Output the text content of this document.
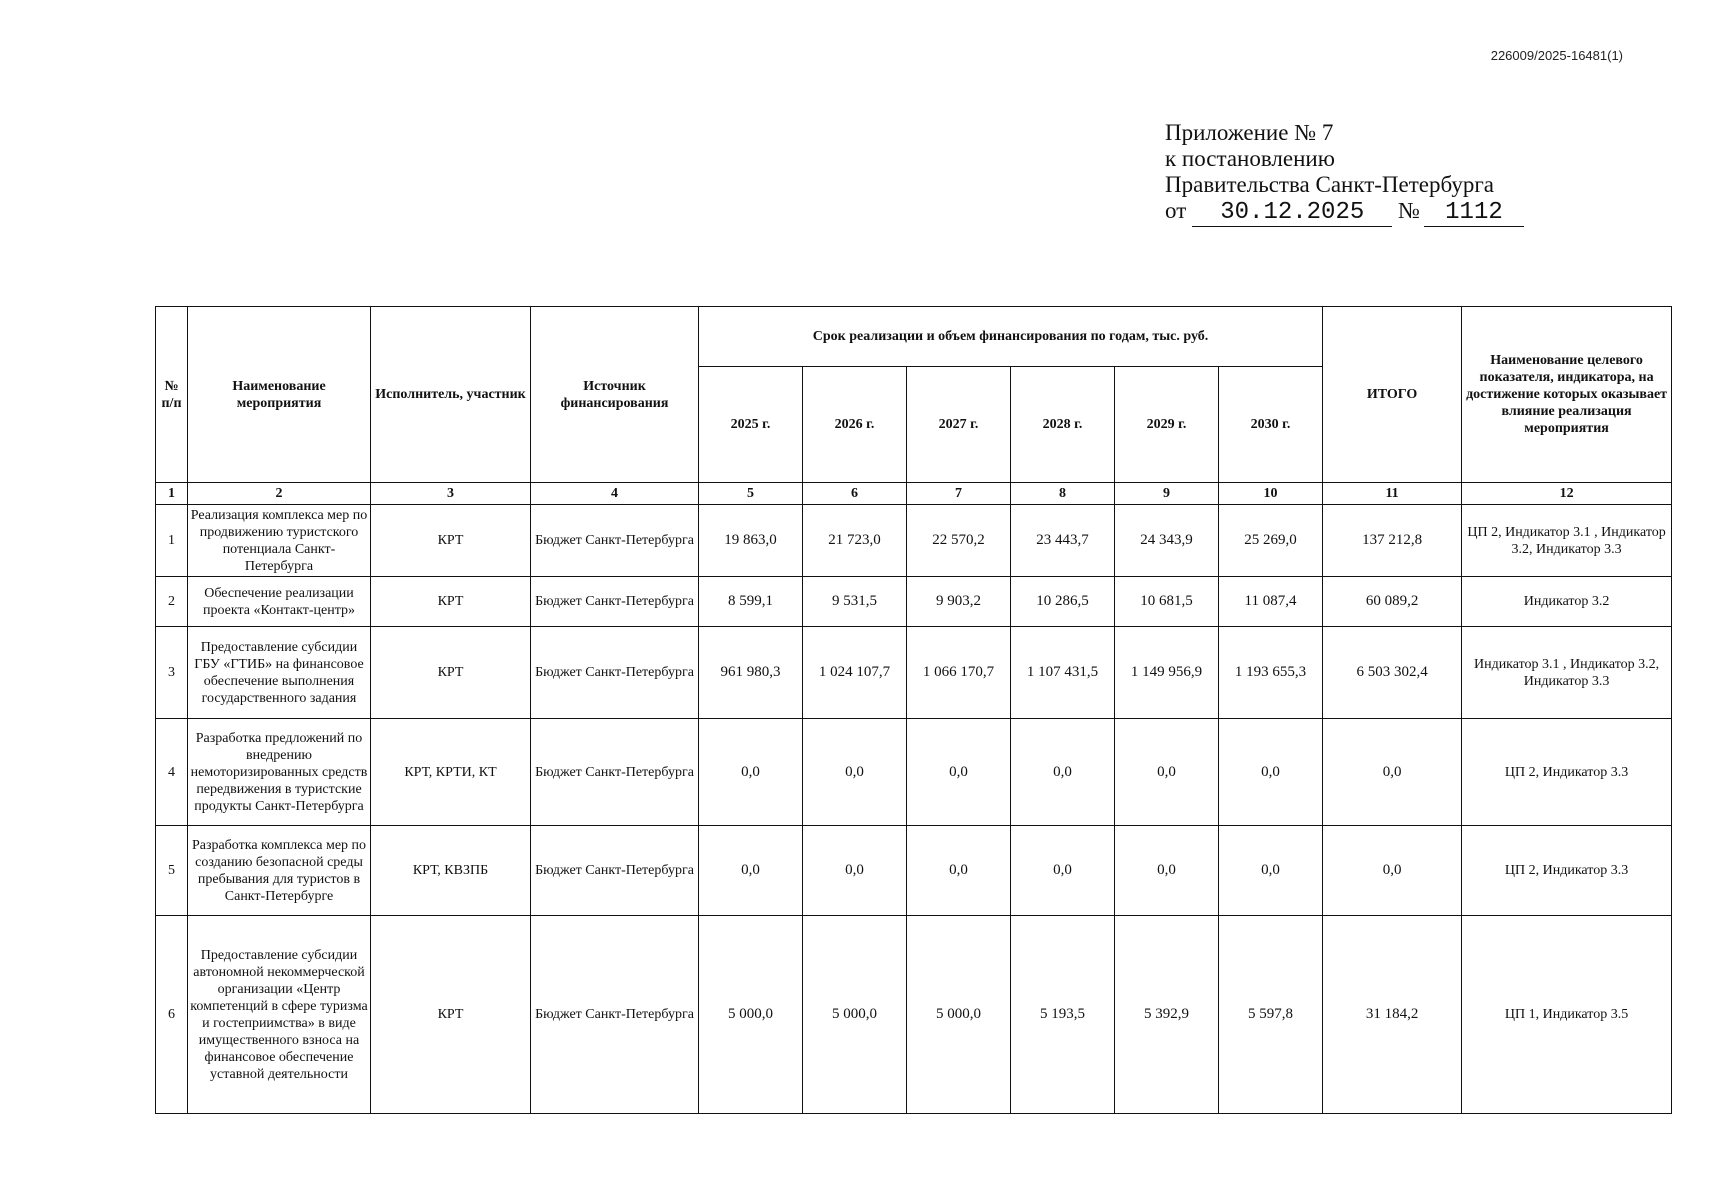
226009/2025-16481(1)
Приложение № 7
к постановлению
Правительства Санкт-Петербурга
от 30.12.2025 № 1112
№ п/п	Наименование мероприятия	Исполнитель, участник	Источник финансирования	Срок реализации и объем финансирования по годам, тыс. руб.						ИТОГО	Наименование целевого показателя, индикатора, на достижение которых оказывает влияние реализация мероприятия
				2025 г.	2026 г.	2027 г.	2028 г.	2029 г.	2030 г.		
1	2	3	4	5	6	7	8	9	10	11	12
1	Реализация комплекса мер по продвижению туристского потенциала Санкт-Петербурга	КРТ	Бюджет Санкт-Петербурга	19 863,0	21 723,0	22 570,2	23 443,7	24 343,9	25 269,0	137 212,8	ЦП 2, Индикатор 3.1 , Индикатор 3.2, Индикатор 3.3
2	Обеспечение реализации проекта «Контакт-центр»	КРТ	Бюджет Санкт-Петербурга	8 599,1	9 531,5	9 903,2	10 286,5	10 681,5	11 087,4	60 089,2	Индикатор 3.2
3	Предоставление субсидии ГБУ «ГТИБ» на финансовое обеспечение выполнения государственного задания	КРТ	Бюджет Санкт-Петербурга	961 980,3	1 024 107,7	1 066 170,7	1 107 431,5	1 149 956,9	1 193 655,3	6 503 302,4	Индикатор 3.1 , Индикатор 3.2, Индикатор 3.3
4	Разработка предложений по внедрению немоторизированных средств передвижения в туристские продукты Санкт-Петербурга	КРТ, КРТИ, КТ	Бюджет Санкт-Петербурга	0,0	0,0	0,0	0,0	0,0	0,0	0,0	ЦП 2, Индикатор 3.3
5	Разработка комплекса мер по созданию безопасной среды пребывания для туристов в Санкт-Петербурге	КРТ, КВЗПБ	Бюджет Санкт-Петербурга	0,0	0,0	0,0	0,0	0,0	0,0	0,0	ЦП 2, Индикатор 3.3
6	Предоставление субсидии автономной некоммерческой организации «Центр компетенций в сфере туризма и гостеприимства» в виде имущественного взноса на финансовое обеспечение уставной деятельности	КРТ	Бюджет Санкт-Петербурга	5 000,0	5 000,0	5 000,0	5 193,5	5 392,9	5 597,8	31 184,2	ЦП 1, Индикатор 3.5
